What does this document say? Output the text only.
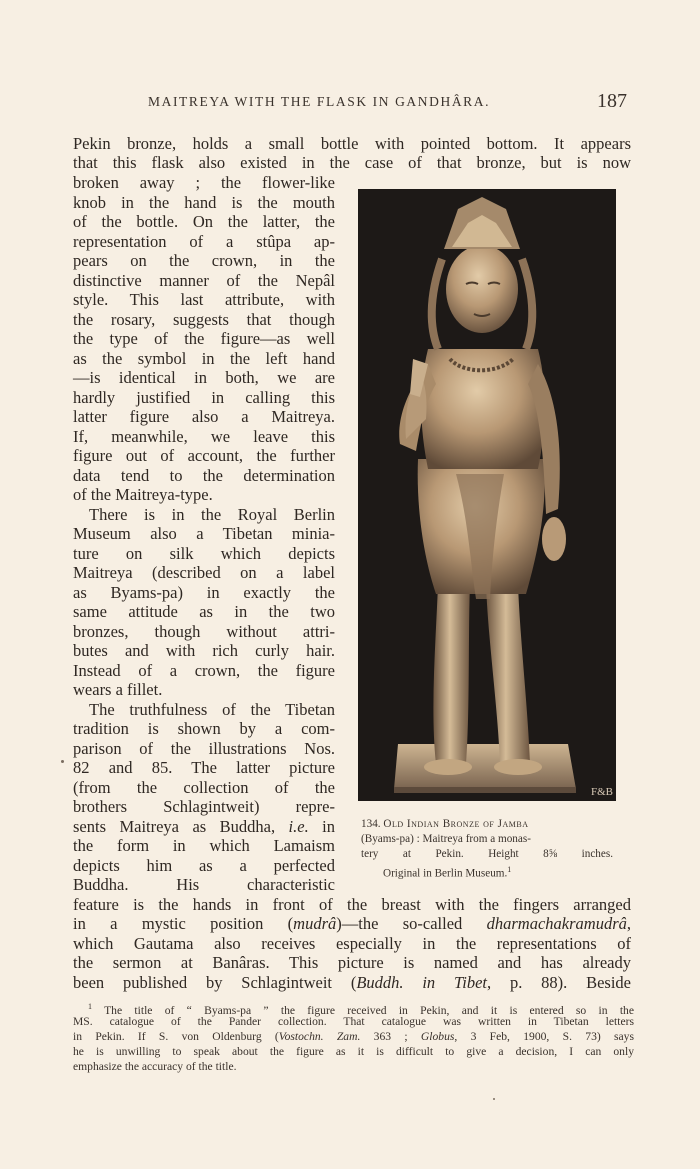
MAITREYA WITH THE FLASK IN GANDHÂRA.	187
Pekin bronze, holds a small bottle with pointed bottom. It appears
that this flask also existed in the case of that bronze, but is now
broken away ; the flower-like
knob in the hand is the mouth
of the bottle. On the latter, the
representation of a stûpa ap-
pears on the crown, in the
distinctive manner of the Nepâl
style. This last attribute, with
the rosary, suggests that though
the type of the figure—as well
as the symbol in the left hand
—is identical in both, we are
hardly justified in calling this
latter figure also a Maitreya.
If, meanwhile, we leave this
figure out of account, the further
data tend to the determination
of the Maitreya-type.
There is in the Royal Berlin
Museum also a Tibetan minia-
ture on silk which depicts
Maitreya (described on a label
as Byams-pa) in exactly the
same attitude as in the two
bronzes, though without attri-
butes and with rich curly hair.
Instead of a crown, the figure
wears a fillet.
The truthfulness of the Tibetan
tradition is shown by a com-
parison of the illustrations Nos.
82 and 85. The latter picture
(from the collection of the
brothers Schlagintweit) repre-
sents Maitreya as Buddha, i.e. in
the form in which Lamaism
depicts him as a perfected
Buddha. His characteristic
feature is the hands in front of the breast with the fingers arranged
in a mystic position (mudrâ)—the so-called dharmachakramudrâ,
which Gautama also receives especially in the representations of
the sermon at Banâras. This picture is named and has already
been published by Schlagintweit (Buddh. in Tibet, p. 88). Beside
F&B
134. Old Indian Bronze of Jamba
(Byams-pa) : Maitreya from a monas-
tery at Pekin. Height 8⅝ inches.
Original in Berlin Museum.$^1$
$^1$ The title of “ Byams-pa ” the figure received in Pekin, and it is entered so in the
MS. catalogue of the Pander collection. That catalogue was written in Tibetan letters
in Pekin. If S. von Oldenburg (Vostochn. Zam. 363 ; Globus, 3 Feb, 1900, S. 73) says
he is unwilling to speak about the figure as it is difficult to give a decision, I can only
emphasize the accuracy of the title.
